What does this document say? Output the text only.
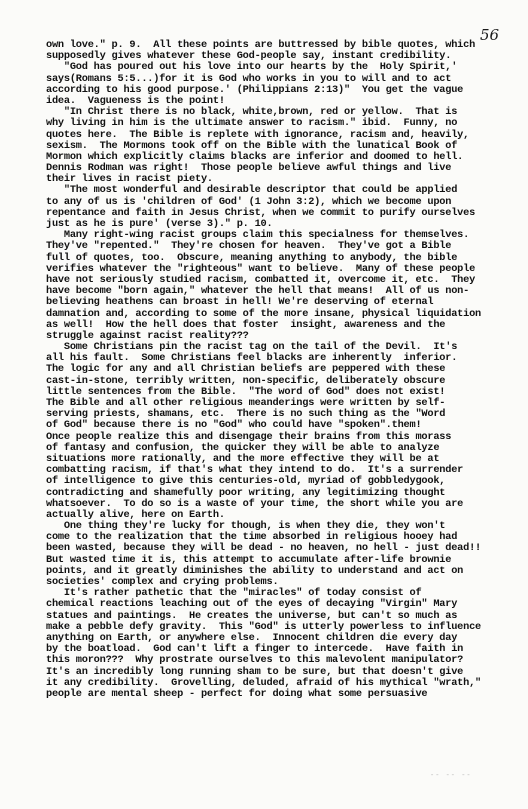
56
own love." p. 9.  All these points are buttressed by bible quotes, which
supposedly gives whatever these God-people say, instant credibility.
"God has poured out his love into our hearts by the  Holy Spirit,'
says(Romans 5:5...)for it is God who works in you to will and to act
according to his good purpose.' (Philippians 2:13)"  You get the vague
idea.  Vagueness is the point!
"In Christ there is no black, white,brown, red or yellow.  That is
why living in him is the ultimate answer to racism." ibid.  Funny, no
quotes here.  The Bible is replete with ignorance, racism and, heavily,
sexism.  The Mormons took off on the Bible with the lunatical Book of
Mormon which explicitly claims blacks are inferior and doomed to hell.
Dennis Rodman was right!  Those people believe awful things and live
their lives in racist piety.
"The most wonderful and desirable descriptor that could be applied
to any of us is 'children of God' (1 John 3:2), which we become upon
repentance and faith in Jesus Christ, when we commit to purify ourselves
just as he is pure' (verse 3)." p. 10.
Many right-wing racist groups claim this specialness for themselves.
They've "repented."  They're chosen for heaven.  They've got a Bible
full of quotes, too.  Obscure, meaning anything to anybody, the bible
verifies whatever the "righteous" want to believe.  Many of these people
have not seriously studied racism, combatted it, overcome it, etc.  They
have become "born again," whatever the hell that means!  All of us non-
believing heathens can broast in hell! We're deserving of eternal
damnation and, according to some of the more insane, physical liquidation
as well!  How the hell does that foster  insight, awareness and the
struggle against racist reality???
Some Christians pin the racist tag on the tail of the Devil.  It's
all his fault.  Some Christians feel blacks are inherently  inferior.
The logic for any and all Christian beliefs are peppered with these
cast-in-stone, terribly written, non-specific, deliberately obscure
little sentences from the Bible.  "The word of God" does not exist!
The Bible and all other religious meanderings were written by self-
serving priests, shamans, etc.  There is no such thing as the "Word
of God" because there is no "God" who could have "spoken".them!
Once people realize this and disengage their brains from this morass
of fantasy and confusion, the quicker they will be able to analyze
situations more rationally, and the more effective they will be at
combatting racism, if that's what they intend to do.  It's a surrender
of intelligence to give this centuries-old, myriad of gobbledygook,
contradicting and shamefully poor writing, any legitimizing thought
whatsoever.  To do so is a waste of your time, the short while you are
actually alive, here on Earth.
One thing they're lucky for though, is when they die, they won't
come to the realization that the time absorbed in religious hooey had
been wasted, because they will be dead - no heaven, no hell - just dead!!
But wasted time it is, this attempt to accumulate after-life brownie
points, and it greatly diminishes the ability to understand and act on
societies' complex and crying problems.
It's rather pathetic that the "miracles" of today consist of
chemical reactions leaching out of the eyes of decaying "Virgin" Mary
statues and paintings.  He creates the universe, but can't so much as
make a pebble defy gravity.  This "God" is utterly powerless to influence
anything on Earth, or anywhere else.  Innocent children die every day
by the boatload.  God can't lift a finger to intercede.  Have faith in
this moron???  Why prostrate ourselves to this malevolent manipulator?
It's an incredibly long running sham to be sure, but that doesn't give
it any credibility.  Grovelling, deluded, afraid of his mythical "wrath,"
people are mental sheep - perfect for doing what some persuasive
-- -- --
